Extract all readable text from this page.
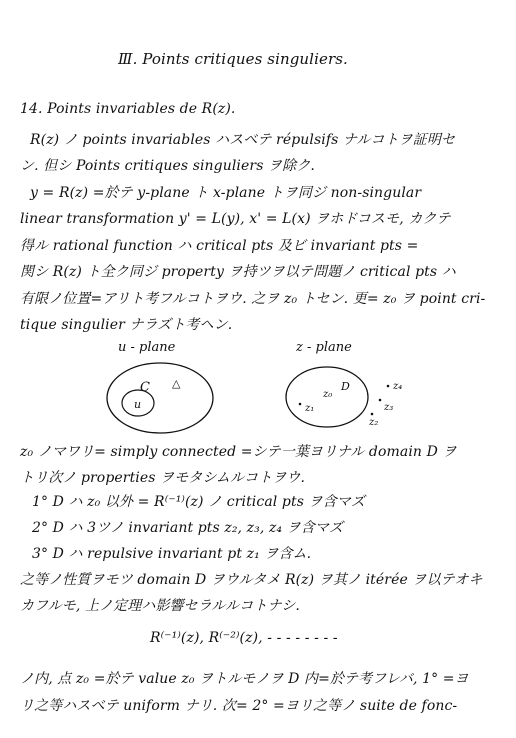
Ⅲ. Points critiques singuliers.
14. Points invariables de R(z).
R(z) ノ points invariables ハスベテ répulsifs ナルコトヲ証明セ
ン. 但シ Points critiques singuliers ヲ除ク.
y = R(z) =於テ y-plane ト x-plane トヲ同ジ non-singular
linear transformation y' = L(y), x' = L(x) ヲホドコスモ, カクテ
得ル rational function ハ critical pts 及ビ invariant pts =
関シ R(z) ト全ク同ジ property ヲ持ツヲ以テ問題ノ critical pts ハ
有限ノ位置=アリト考フルコトヲウ. 之ヲ z₀ トセン. 更= z₀ ヲ point cri-
tique singulier ナラズト考ヘン.
u - plane	z - plane
C
u
△
z₀
D
z₁
z₄
z₃
z₂
z₀ ノマワリ= simply connected =シテ一葉ヨリナル domain D ヲ
トリ次ノ properties ヲモタシムルコトヲウ.
1° D ハ z₀ 以外 = R⁽⁻¹⁾(z) ノ critical pts ヲ含マズ
2° D ハ 3ツノ invariant pts z₂, z₃, z₄ ヲ含マズ
3° D ハ repulsive invariant pt z₁ ヲ含ム.
之等ノ性質ヲモツ domain D ヲウルタメ R(z) ヲ其ノ itérée ヲ以テオキ
カフルモ, 上ノ定理ハ影響セラルルコトナシ.
R⁽⁻¹⁾(z), R⁽⁻²⁾(z), - - - - - - - -
ノ内, 点 z₀ =於テ value z₀ ヲトルモノヲ D 内=於テ考フレバ, 1° =ヨ
リ之等ハスベテ uniform ナリ. 次= 2° =ヨリ之等ノ suite de fonc-
